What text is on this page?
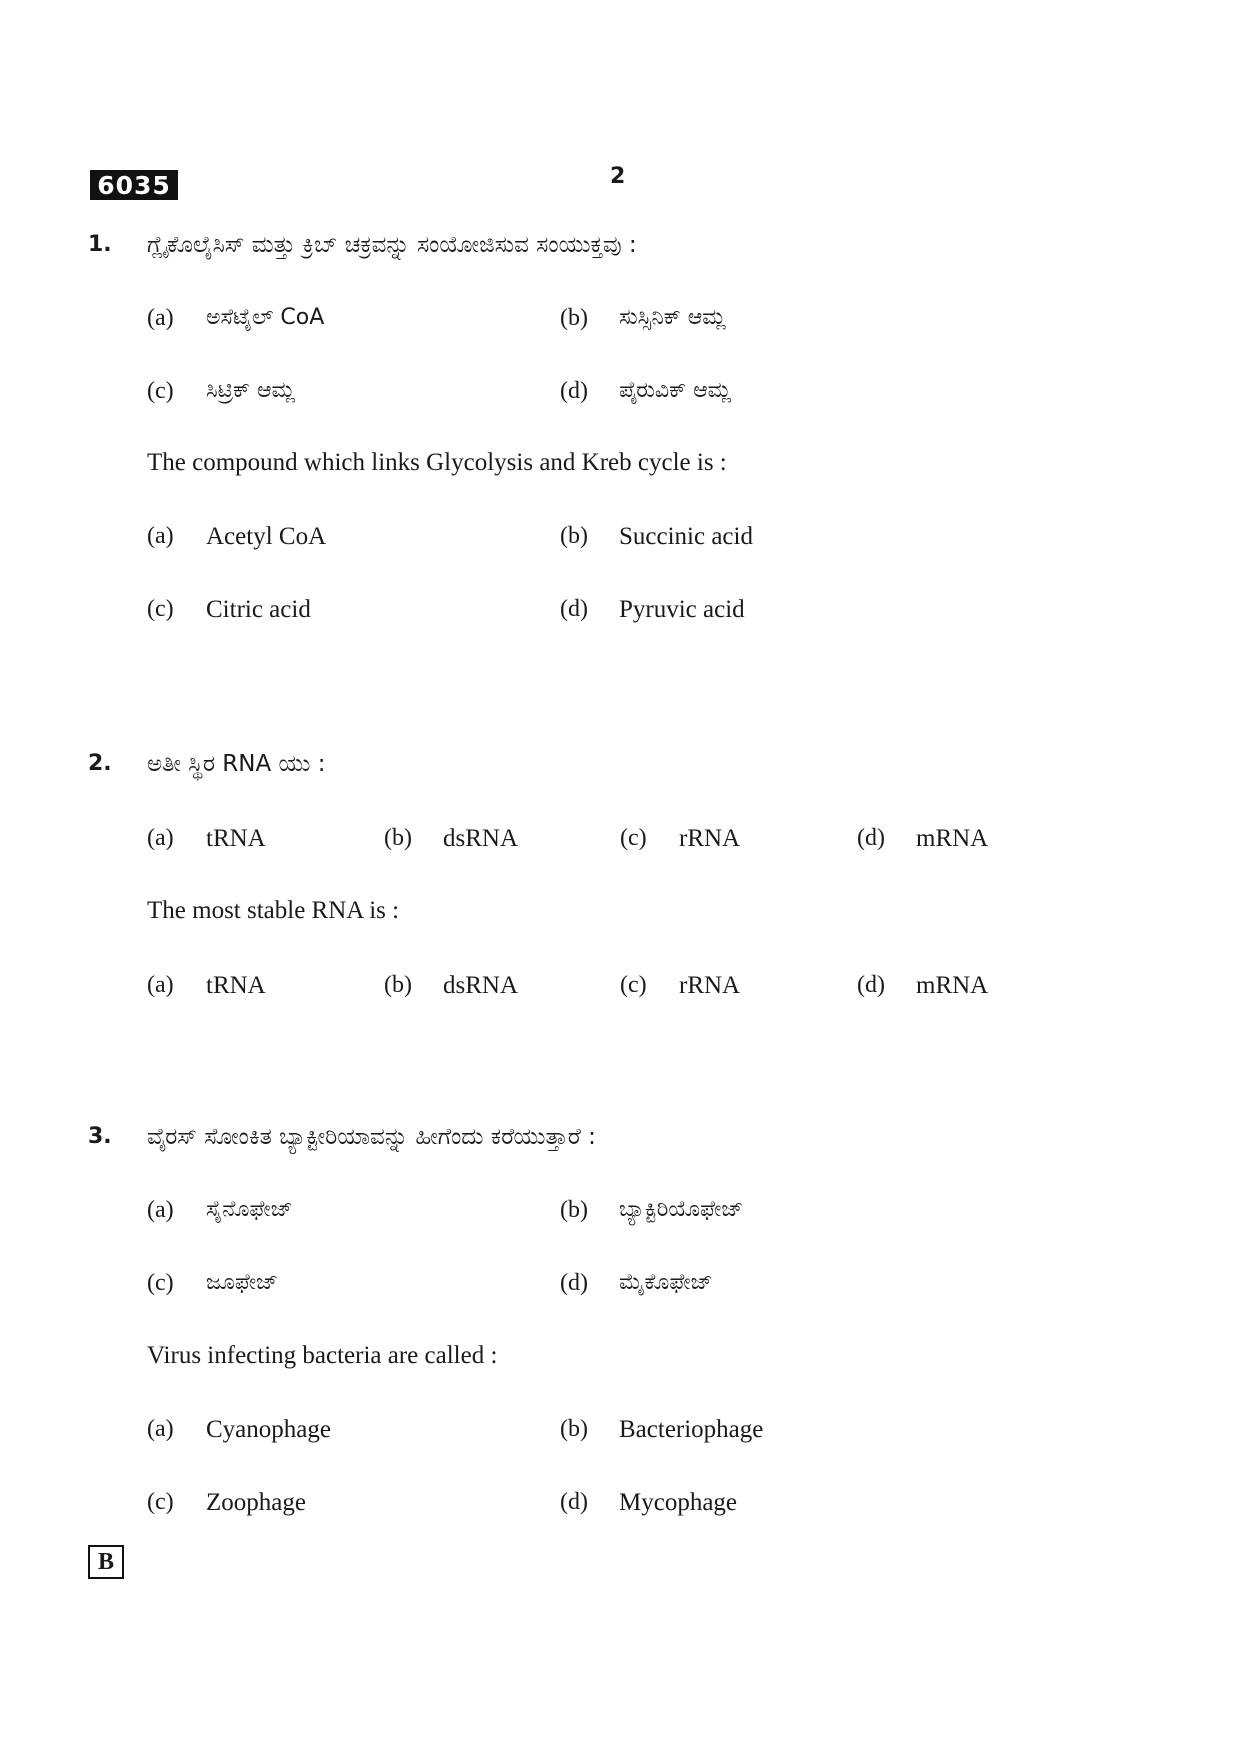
6035	2
1. ಗ್ಲೈಕೊಲೈಸಿಸ್ ಮತ್ತು ಕ್ರಿಬ್ ಚಕ್ರವನ್ನು ಸಂಯೋಜಿಸುವ ಸಂಯುಕ್ತವು :
(a) ಅಸೆಟೈಲ್ CoA	(b) ಸುಸ್ಸಿನಿಕ್ ಆಮ್ಲ
(c) ಸಿಟ್ರಿಕ್ ಆಮ್ಲ	(d) ಪೈರುವಿಕ್ ಆಮ್ಲ
The compound which links Glycolysis and Kreb cycle is :
(a) Acetyl CoA	(b) Succinic acid
(c) Citric acid	(d) Pyruvic acid
2. ಅತೀ ಸ್ಥಿರ RNA ಯು :
(a) tRNA	(b) dsRNA	(c) rRNA	(d) mRNA
The most stable RNA is :
(a) tRNA	(b) dsRNA	(c) rRNA	(d) mRNA
3. ವೈರಸ್ ಸೋಂಕಿತ ಬ್ಯಾಕ್ಟೀರಿಯಾವನ್ನು ಹೀಗೆಂದು ಕರೆಯುತ್ತಾರೆ :
(a) ಸೈನೊಫೇಜ್	(b) ಬ್ಯಾಕ್ಟಿರಿಯೊಫೇಜ್
(c) ಜೂಫೇಜ್	(d) ಮೈಕೊಫೇಜ್
Virus infecting bacteria are called :
(a) Cyanophage	(b) Bacteriophage
(c) Zoophage	(d) Mycophage
B
